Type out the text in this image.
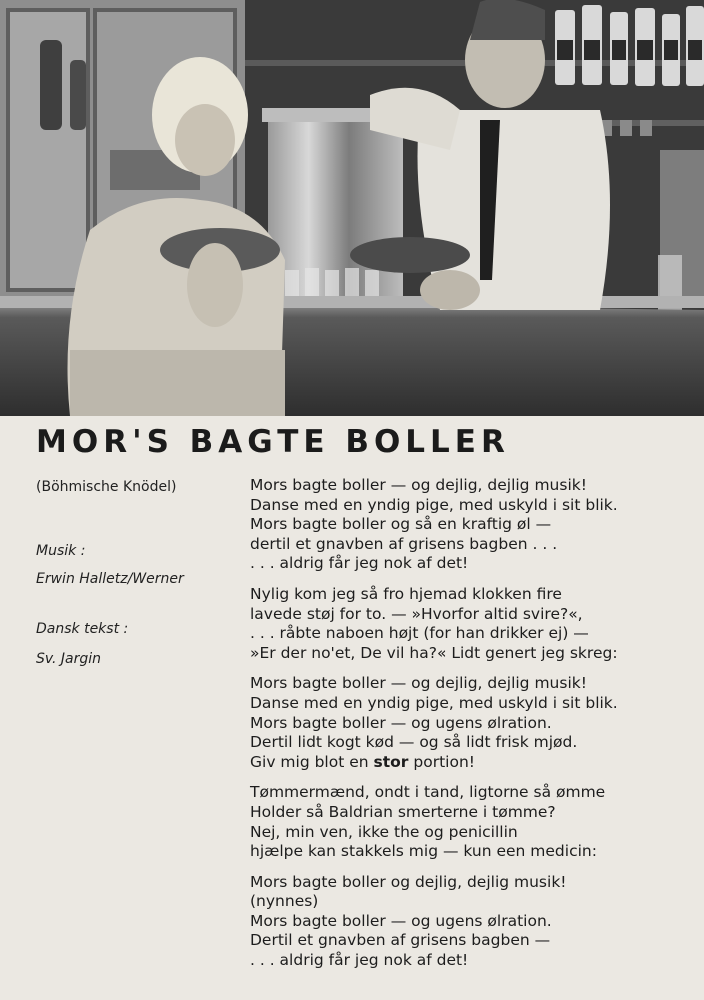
MOR'S BAGTE BOLLER
(Böhmische Knödel)
Musik :
Erwin Halletz/Werner
Dansk tekst :
Sv. Jargin
Mors bagte boller — og dejlig, dejlig musik!
Danse med en yndig pige, med uskyld i sit blik.
Mors bagte boller og så en kraftig øl —
dertil et gnavben af grisens bagben . . .
. . . aldrig får jeg nok af det!
Nylig kom jeg så fro hjemad klokken fire
lavede støj for to. — »Hvorfor altid svire?«,
. . . råbte naboen højt (for han drikker ej) —
»Er der no'et, De vil ha?« Lidt genert jeg skreg:
Mors bagte boller — og dejlig, dejlig musik!
Danse med en yndig pige, med uskyld i sit blik.
Mors bagte boller — og ugens ølration.
Dertil lidt kogt kød — og så lidt frisk mjød.
Giv mig blot en stor portion!
Tømmermænd, ondt i tand, ligtorne så ømme
Holder så Baldrian smerterne i tømme?
Nej, min ven, ikke the og penicillin
hjælpe kan stakkels mig — kun een medicin:
Mors bagte boller og dejlig, dejlig musik!
(nynnes)
Mors bagte boller — og ugens ølration.
Dertil et gnavben af grisens bagben —
. . . aldrig får jeg nok af det!
